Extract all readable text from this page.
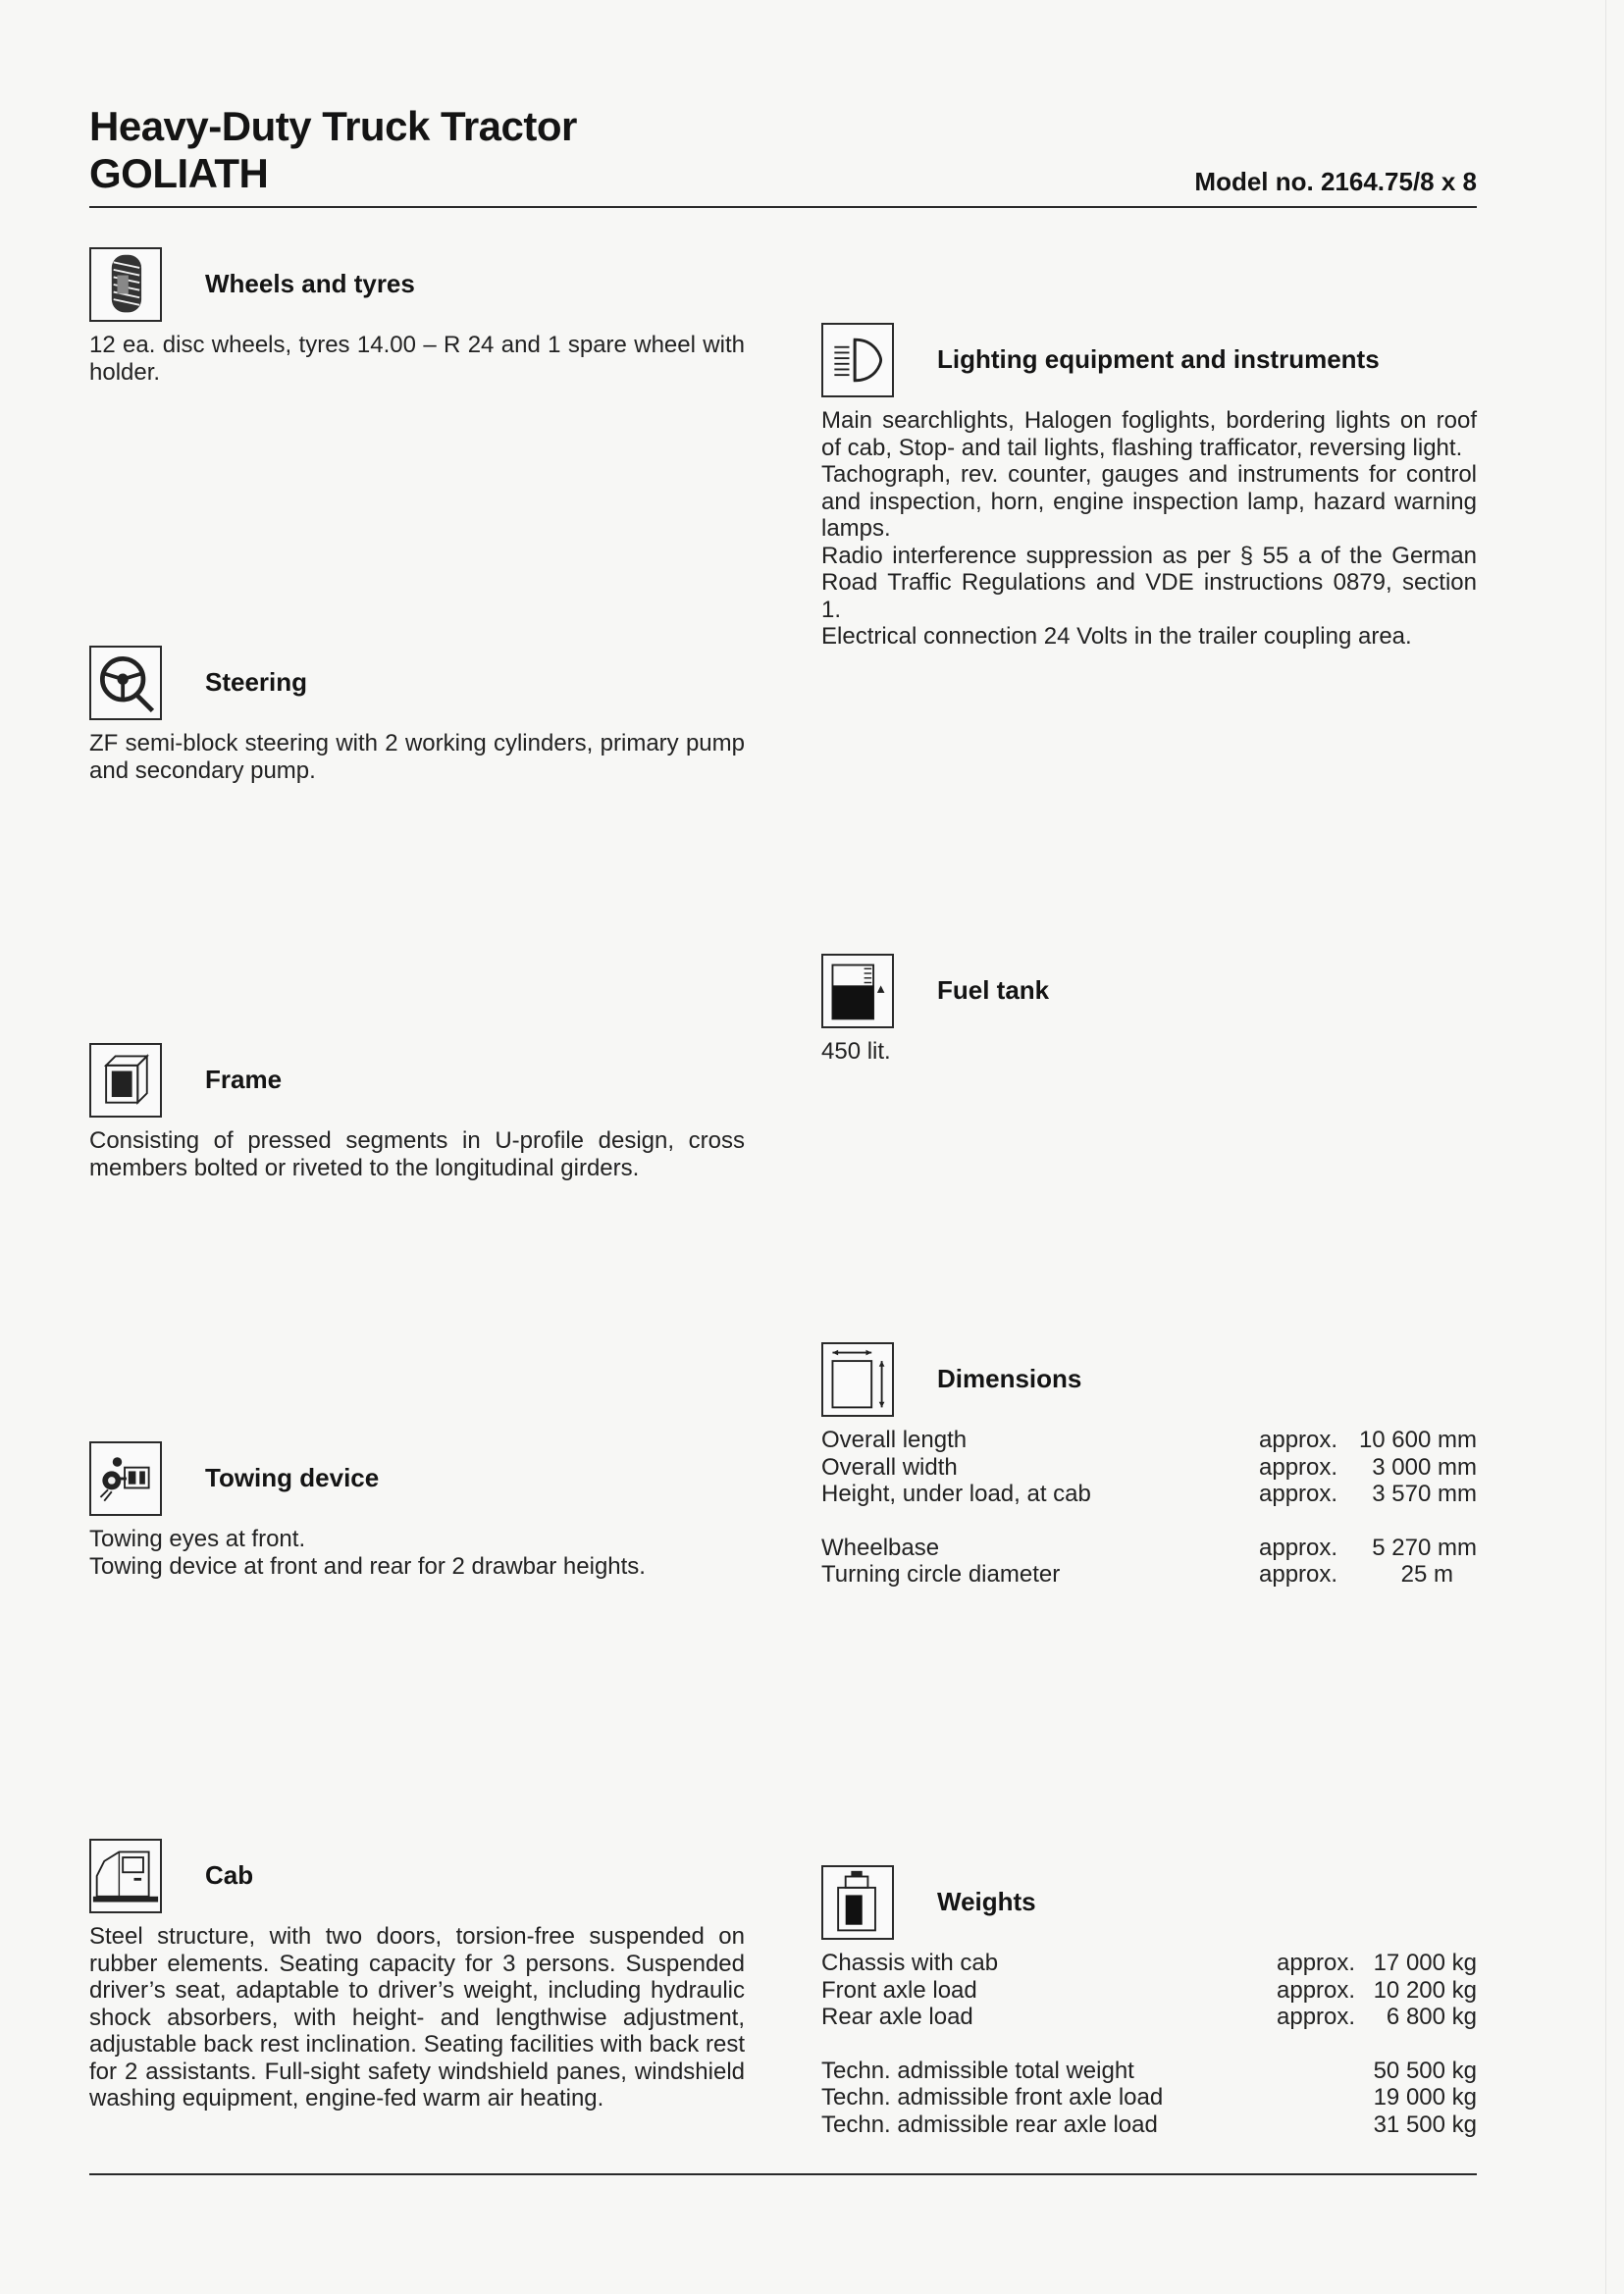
Heavy-Duty Truck Tractor
GOLIATH	Model no. 2164.75/8 x 8
Wheels and tyres
12 ea. disc wheels, tyres 14.00 – R 24 and 1 spare wheel with holder.
Steering
ZF semi-block steering with 2 working cylinders, primary pump and secondary pump.
Frame
Consisting of pressed segments in U-profile design, cross members bolted or riveted to the longitudinal girders.
Towing device

Towing eyes at front.

Towing device at front and rear for 2 drawbar heights.

Cab
Steel structure, with two doors, torsion-free suspended on rubber elements. Seating capacity for 3 persons. Suspended driver’s seat, adaptable to driver’s weight, including hydraulic shock absorbers, with height- and lengthwise adjustment, adjustable back rest inclination. Seating facilities with back rest for 2 assistants. Full-sight safety windshield panes, windshield washing equipment, engine-fed warm air heating.
Lighting equipment and instruments

Main searchlights, Halogen foglights, bordering lights on roof of cab, Stop- and tail lights, flashing trafficator, reversing light.

Tachograph, rev. counter, gauges and instruments for control and inspection, horn, engine inspection lamp, hazard warning lamps.

Radio interference suppression as per § 55 a of the German Road Traffic Regulations and VDE instructions 0879, section 1.

Electrical connection 24 Volts in the trailer coupling area.

Fuel tank
450 lit.
Dimensions
Overall length	approx.	10 600 mm
Overall width	approx.	3 000 mm
Height, under load, at cab	approx.	3 570 mm

Wheelbase	approx.	5 270 mm
Turning circle diameter	approx.	25 m
Weights
Chassis with cab	approx.	17 000 kg
Front axle load	approx.	10 200 kg
Rear axle load	approx.	6 800 kg

Techn. admissible total weight		50 500 kg
Techn. admissible front axle load		19 000 kg
Techn. admissible rear axle load		31 500 kg
